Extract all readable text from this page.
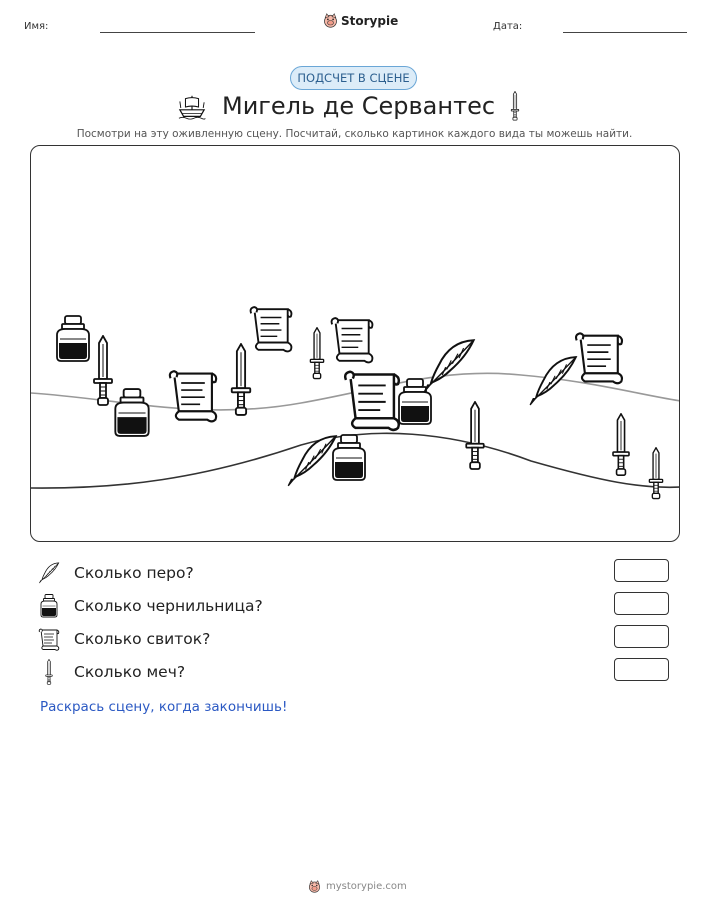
Имя:	Storypie	Дата:
ПОДСЧЕТ В СЦЕНЕ
Мигель де Сервантес
Посмотри на эту оживленную сцену. Посчитай, сколько картинок каждого вида ты можешь найти.
Сколько перо?
Сколько чернильница?
Сколько свиток?
Сколько меч?
Раскрась сцену, когда закончишь!
mystorypie.com
